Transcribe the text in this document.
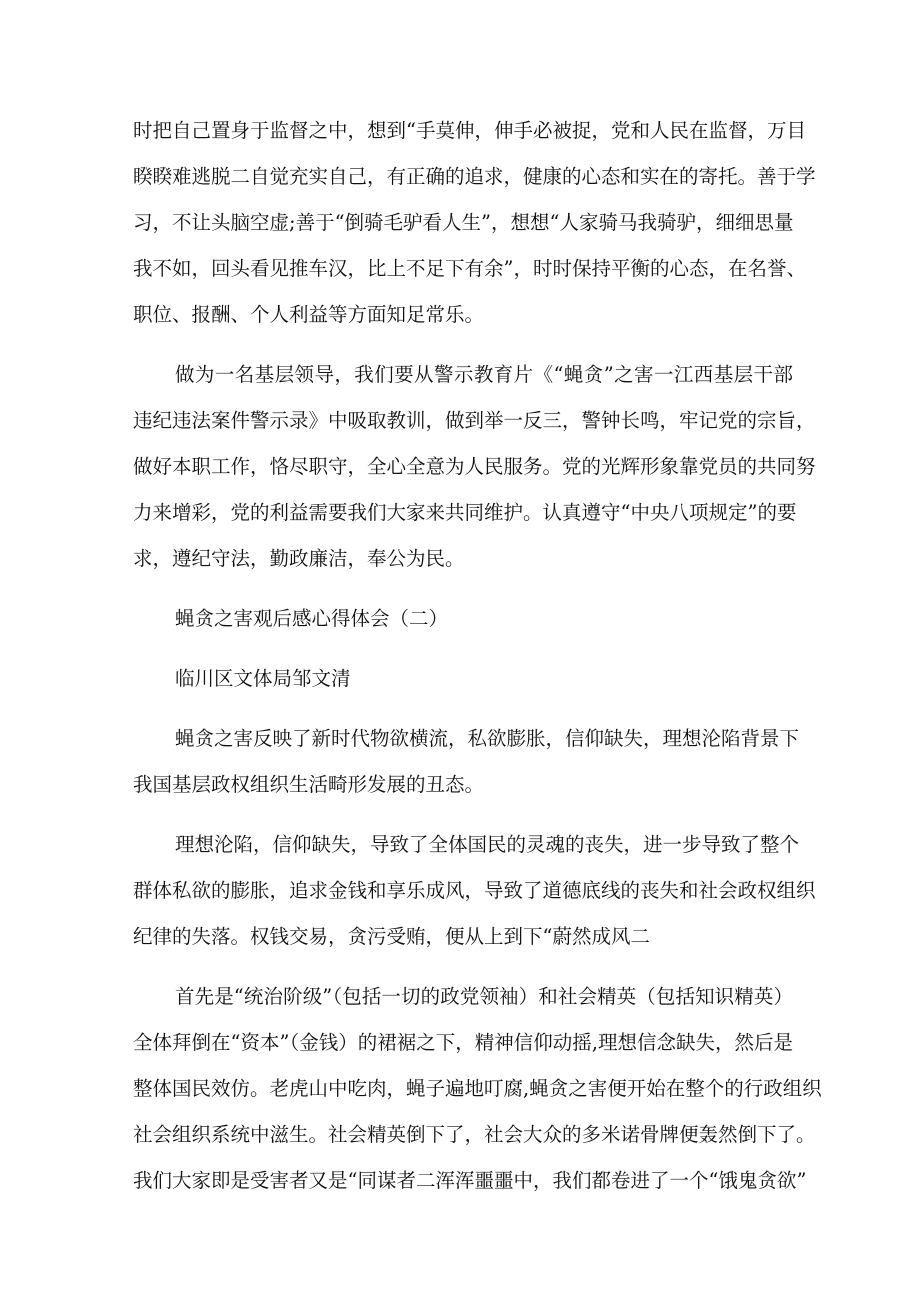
时把自己置身于监督之中，想到“手莫伸，伸手必被捉，党和人民在监督，万目
睽睽难逃脱二自觉充实自己，有正确的追求，健康的心态和实在的寄托。善于学
习，不让头脑空虚;善于“倒骑毛驴看人生”，想想“人家骑马我骑驴，细细思量
我不如，回头看见推车汉，比上不足下有余”，时时保持平衡的心态，在名誉、
职位、报酬、个人利益等方面知足常乐。
做为一名基层领导，我们要从警示教育片《“蝇贪”之害一江西基层干部
违纪违法案件警示录》中吸取教训，做到举一反三，警钟长鸣，牢记党的宗旨，
做好本职工作，恪尽职守，全心全意为人民服务。党的光辉形象靠党员的共同努
力来增彩，党的利益需要我们大家来共同维护。认真遵守“中央八项规定”的要
求，遵纪守法，勤政廉洁，奉公为民。
蝇贪之害观后感心得体会（二）
临川区文体局邹文清
蝇贪之害反映了新时代物欲横流，私欲膨胀，信仰缺失，理想沦陷背景下
我国基层政权组织生活畸形发展的丑态。
理想沦陷，信仰缺失，导致了全体国民的灵魂的丧失，进一步导致了整个
群体私欲的膨胀，追求金钱和享乐成风，导致了道德底线的丧失和社会政权组织
纪律的失落。权钱交易，贪污受贿，便从上到下“蔚然成风二
首先是“统治阶级”（包括一切的政党领袖）和社会精英（包括知识精英）
全体拜倒在“资本”（金钱）的裙裾之下，精神信仰动摇,理想信念缺失，然后是
整体国民效仿。老虎山中吃肉，蝇子遍地叮腐,蝇贪之害便开始在整个的行政组织
社会组织系统中滋生。社会精英倒下了，社会大众的多米诺骨牌便轰然倒下了。
我们大家即是受害者又是“同谋者二浑浑噩噩中，我们都卷进了一个“饿鬼贪欲”
